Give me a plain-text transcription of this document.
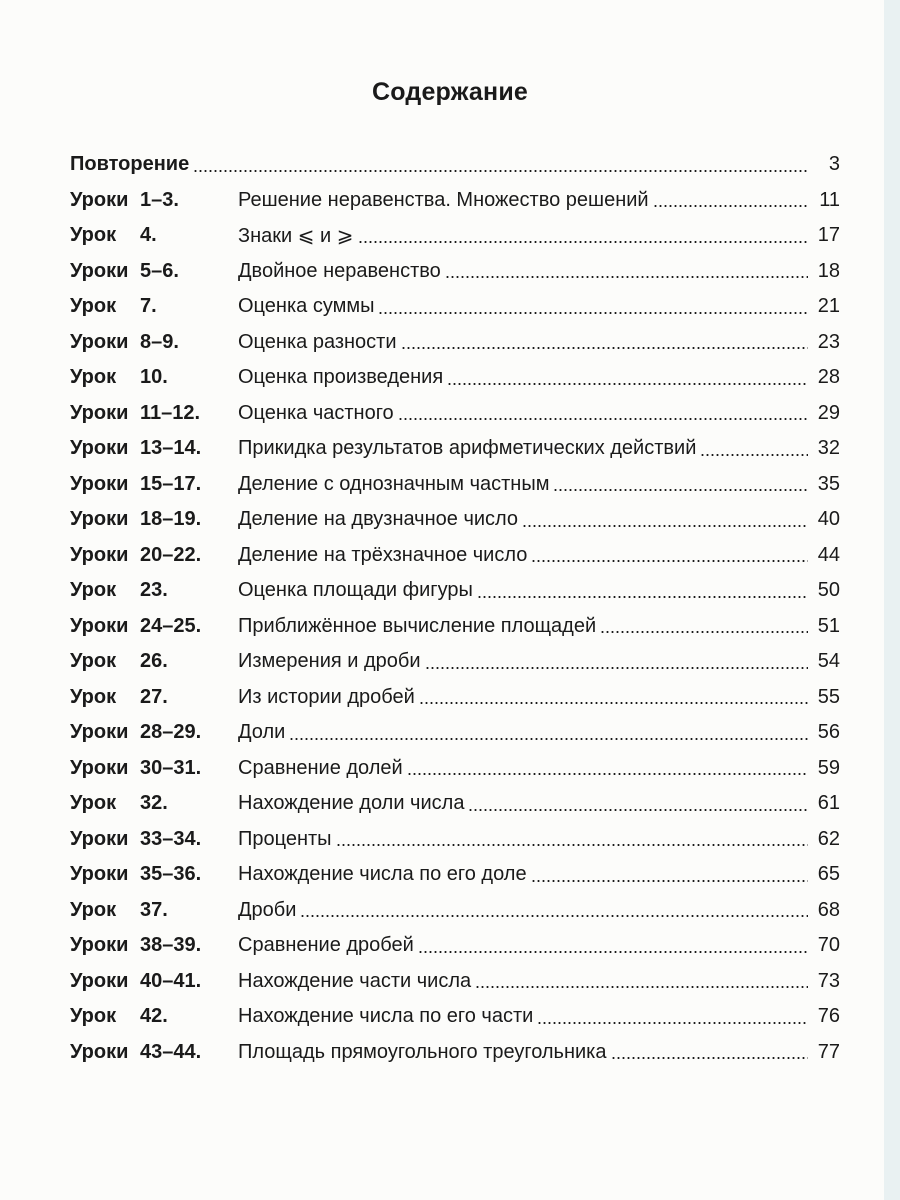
Содержание
Повторение	3
Уроки 1–3.	Решение неравенства. Множество решений	11
Урок	4.	Знаки ⩽ и ⩾	17
Уроки 5–6.	Двойное неравенство	18
Урок	7.	Оценка суммы	21
Уроки 8–9.	Оценка разности	23
Урок	10.	Оценка произведения	28
Уроки 11–12.	Оценка частного	29
Уроки 13–14.	Прикидка результатов арифметических действий	32
Уроки 15–17.	Деление с однозначным частным	35
Уроки 18–19.	Деление на двузначное число	40
Уроки 20–22.	Деление на трёхзначное число	44
Урок	23.	Оценка площади фигуры	50
Уроки 24–25.	Приближённое вычисление площадей	51
Урок	26.	Измерения и дроби	54
Урок	27.	Из истории дробей	55
Уроки 28–29.	Доли	56
Уроки 30–31.	Сравнение долей	59
Урок	32.	Нахождение доли числа	61
Уроки 33–34.	Проценты	62
Уроки 35–36.	Нахождение числа по его доле	65
Урок	37.	Дроби	68
Уроки 38–39.	Сравнение дробей	70
Уроки 40–41.	Нахождение части числа	73
Урок	42.	Нахождение числа по его части	76
Уроки 43–44.	Площадь прямоугольного треугольника	77
